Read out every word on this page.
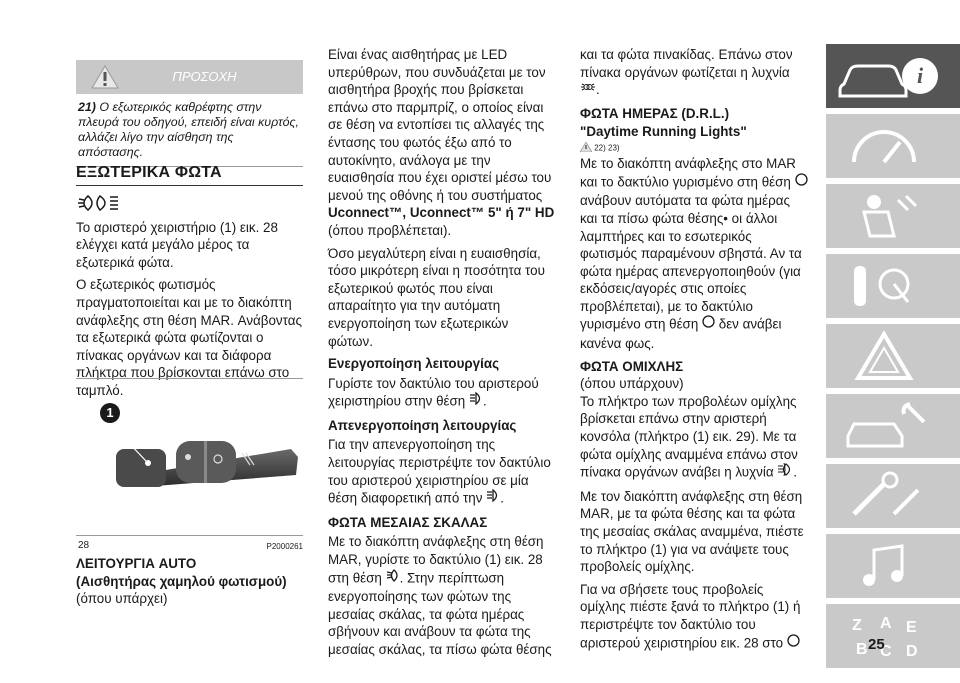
ΠΡΟΣΟΧΗ
21) Ο εξωτερικός καθρέφτης στην πλευρά του οδηγού, επειδή είναι κυρτός, αλλάζει λίγο την αίσθηση της απόστασης.
ΕΞΩΤΕΡΙΚΑ ΦΩΤΑ

Το αριστερό χειριστήριο (1) εικ. 28 ελέγχει κατά μεγάλο μέρος τα εξωτερικά φώτα.

Ο εξωτερικός φωτισμός πραγματοποιείται και με το διακόπτη ανάφλεξης στη θέση MAR. Ανάβοντας τα εξωτερικά φώτα φωτίζονται ο πίνακας οργάνων και τα διάφορα πλήκτρα που βρίσκονται επάνω στο ταμπλό.

1
28	P2000261
ΛΕΙΤΟΥΡΓΙΑ AUTO
(Αισθητήρας χαμηλού φωτισμού)
(όπου υπάρχει)

Είναι ένας αισθητήρας με LED υπερύθρων, που συνδυάζεται με τον αισθητήρα βροχής που βρίσκεται επάνω στο παρμπρίζ, ο οποίος είναι σε θέση να εντοπίσει τις αλλαγές της έντασης του φωτός έξω από το αυτοκίνητο, ανάλογα με την ευαισθησία που έχει οριστεί μέσω του μενού της οθόνης ή του συστήματος Uconnect™, Uconnect™ 5" ή 7" HD (όπου προβλέπεται).

Όσο μεγαλύτερη είναι η ευαισθησία, τόσο μικρότερη είναι η ποσότητα του εξωτερικού φωτός που είναι απαραίτητο για την αυτόματη ενεργοποίηση των εξωτερικών φώτων.

Ενεργοποίηση λειτουργίας

Γυρίστε τον δακτύλιο του αριστερού χειριστηρίου στην θέση .

Απενεργοποίηση λειτουργίας

Για την απενεργοποίηση της λειτουργίας περιστρέψτε τον δακτύλιο του αριστερού χειριστηρίου σε μία θέση διαφορετική από την .

ΦΩΤΑ ΜΕΣΑΙΑΣ ΣΚΑΛΑΣ

Με το διακόπτη ανάφλεξης στη θέση MAR, γυρίστε το δακτύλιο (1) εικ. 28 στη θέση . Στην περίπτωση ενεργοποίησης των φώτων της μεσαίας σκάλας, τα φώτα ημέρας σβήνουν και ανάβουν τα φώτα της μεσαίας σκάλας, τα πίσω φώτα θέσης

και τα φώτα πινακίδας. Επάνω στον πίνακα οργάνων φωτίζεται η λυχνία .

ΦΩΤΑ ΗΜΕΡΑΣ (D.R.L.)
"Daytime Running Lights"
22) 23)

Με το διακόπτη ανάφλεξης στο MAR και το δακτύλιο γυρισμένο στη θέση  ανάβουν αυτόματα τα φώτα ημέρας και τα πίσω φώτα θέσης• οι άλλοι λαμπτήρες και το εσωτερικός φωτισμός παραμένουν σβηστά. Αν τα φώτα ημέρας απενεργοποιηθούν (για εκδόσεις/αγορές στις οποίες προβλέπεται), με το δακτύλιο γυρισμένο στη θέση δεν ανάβει κανένα φως.

ΦΩΤΑ ΟΜΙΧΛΗΣ
(όπου υπάρχουν)

Το πλήκτρο των προβολέων ομίχλης βρίσκεται επάνω στην αριστερή κονσόλα (πλήκτρο (1) εικ. 29). Με τα φώτα ομίχλης αναμμένα επάνω στον πίνακα οργάνων ανάβει η λυχνία .

Με τον διακόπτη ανάφλεξης στη θέση MAR, με τα φώτα θέσης και τα φώτα της μεσαίας σκάλας αναμμένα, πιέστε το πλήκτρο (1) για να ανάψετε τους προβολείς ομίχλης.

Για να σβήσετε τους προβολείς ομίχλης πιέστε ξανά το πλήκτρο (1) ή περιστρέψτε τον δακτύλιο του αριστερού χειριστηρίου εικ. 28 στο

i
Z A E
B C D
25
